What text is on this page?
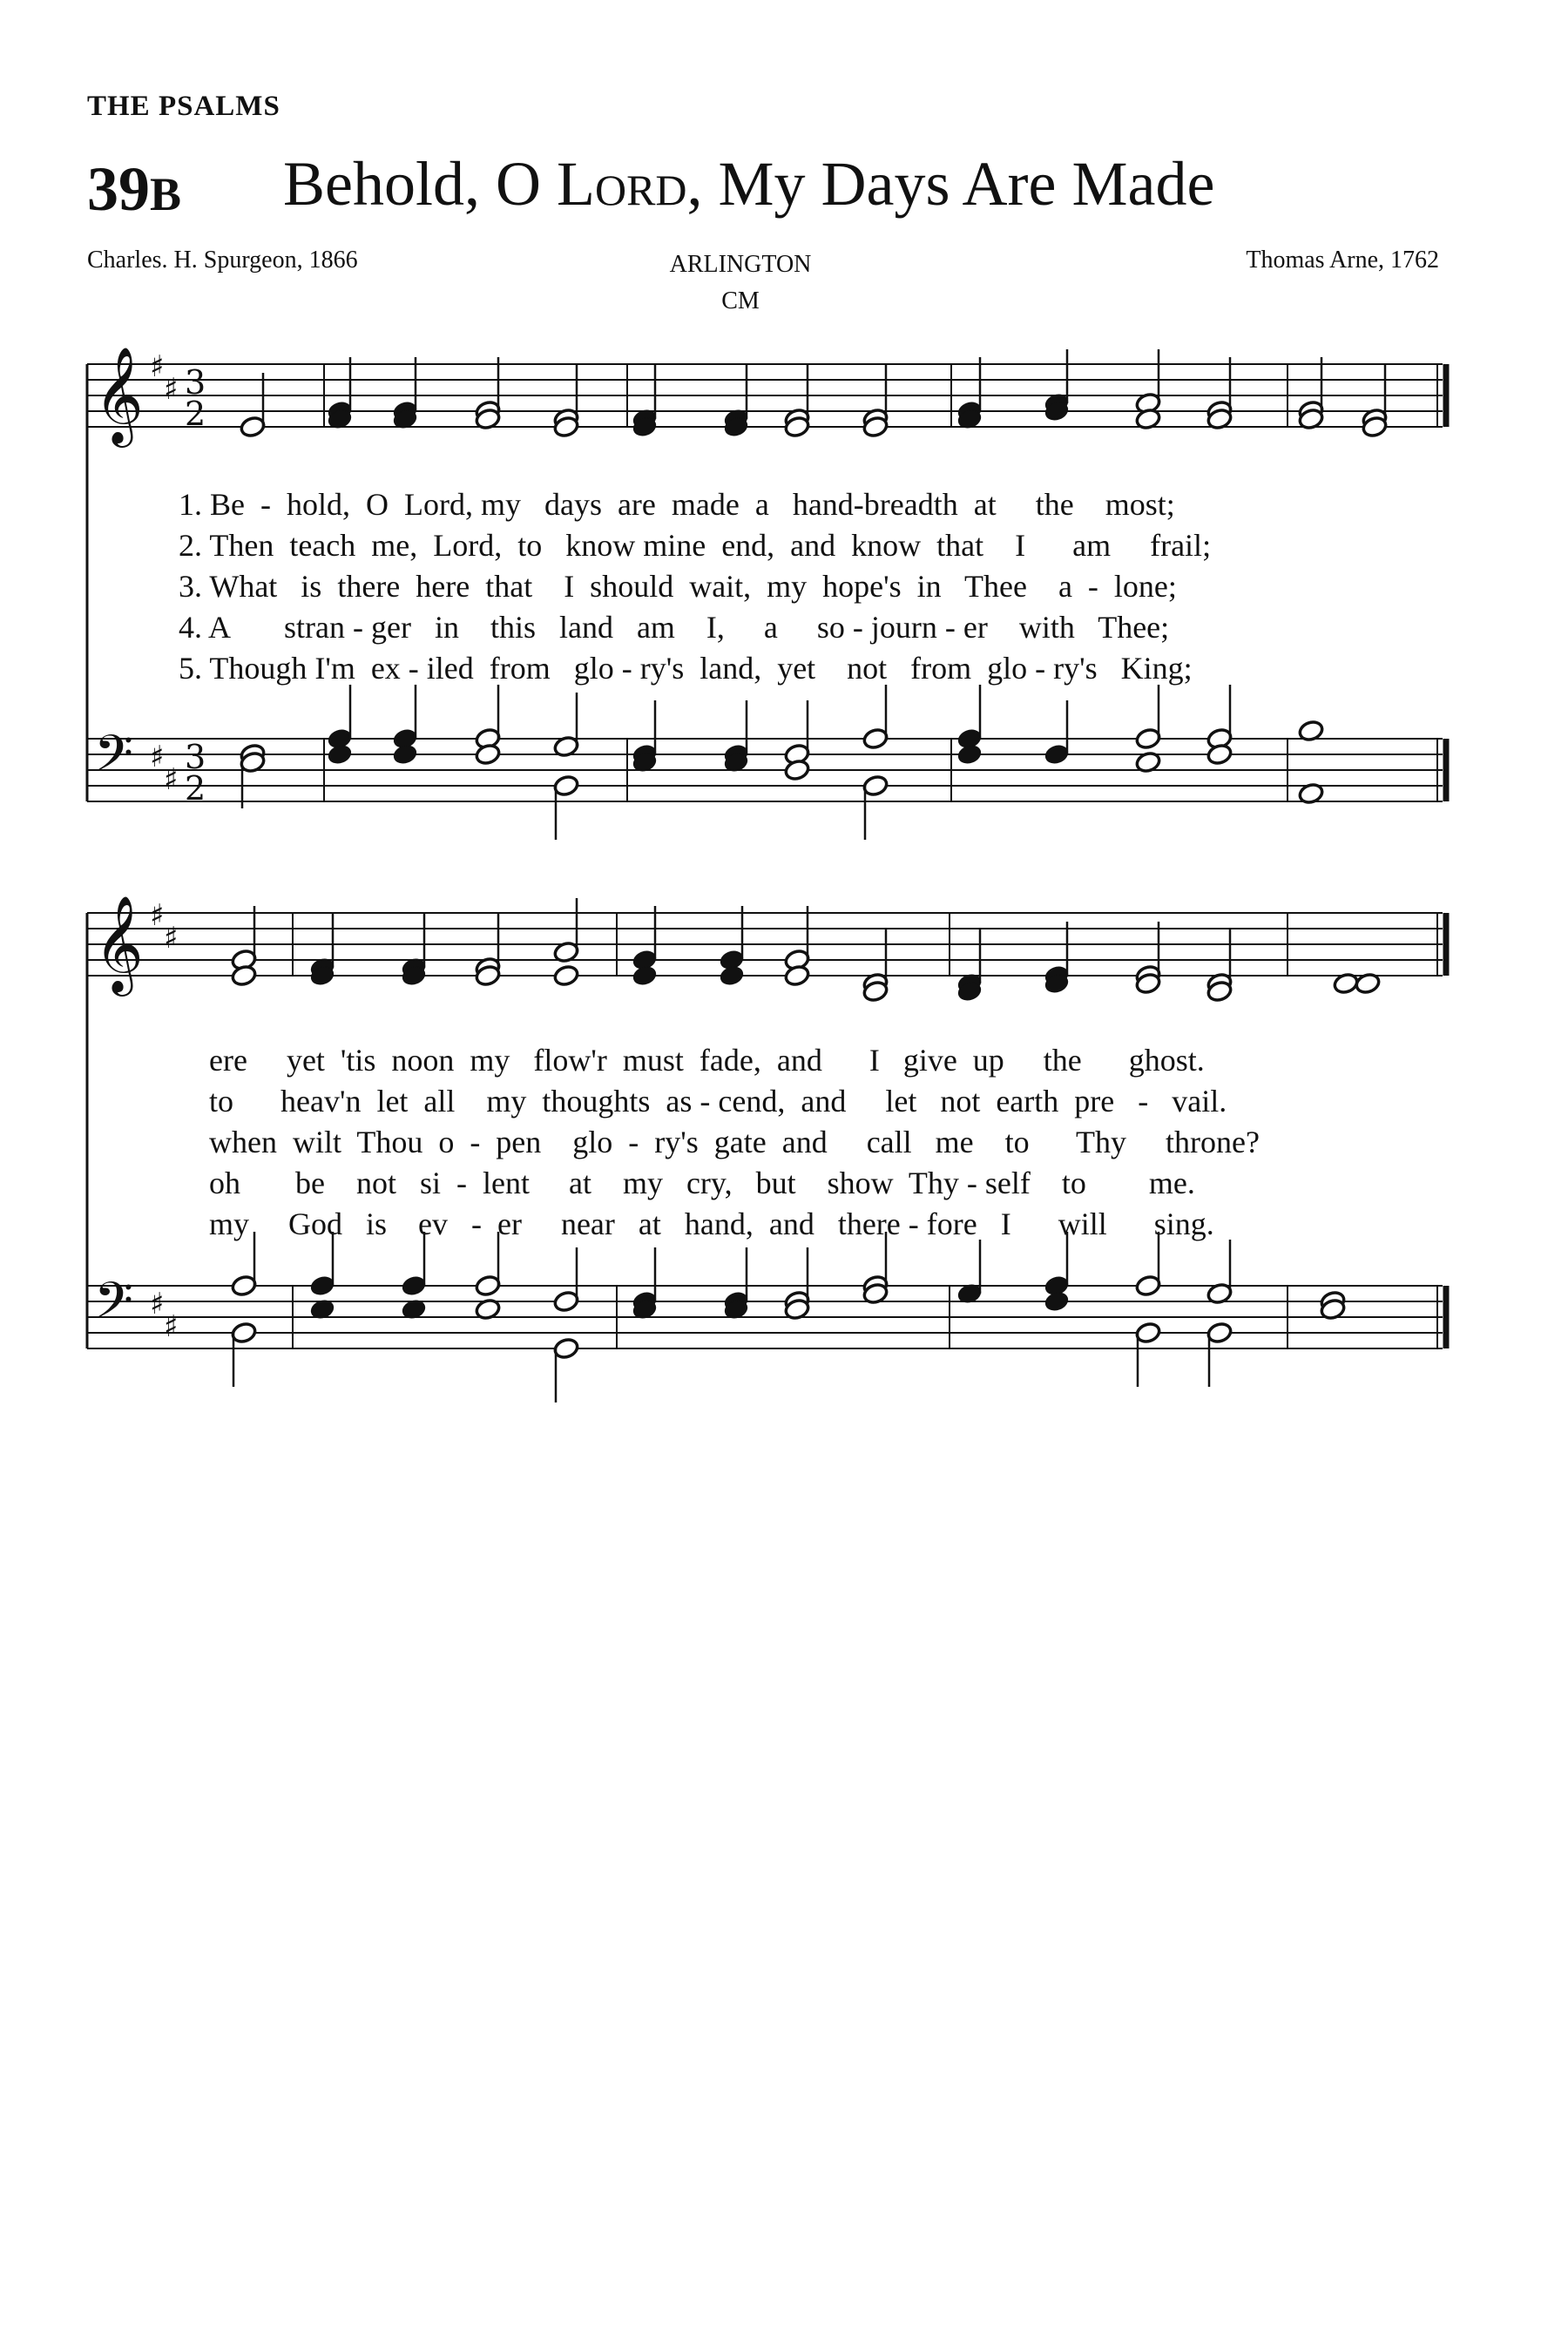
THE PSALMS
39B Behold, O Lord, My Days Are Made
Charles. H. Spurgeon, 1866	ARLINGTON
CM
Thomas Arne, 1762
𝄞 ♯
♯ 3
2
𝄢 ♯
♯
3
2
1. Be  -  hold,  O  Lord, my   days  are  made  a   hand-breadth  at     the    most;
2. Then  teach  me,  Lord,  to   know mine  end,  and  know  that    I      am     frail;
3. What   is  there  here  that    I  should  wait,  my  hope's  in   Thee    a  -  lone;
4. A       stran - ger   in    this   land   am    I,     a     so - journ - er    with   Thee;
5. Though I'm  ex - iled  from   glo - ry's  land,  yet    not   from  glo - ry's   King;
𝄞 ♯
♯
𝄢 ♯
♯
ere     yet  'tis  noon  my   flow'r  must  fade,  and      I   give  up     the      ghost.
to      heav'n  let  all    my  thoughts  as - cend,  and     let   not  earth  pre   -   vail.
when  wilt  Thou  o  -  pen    glo  -  ry's  gate  and     call   me    to      Thy     throne?
oh       be    not   si  -  lent     at    my   cry,   but    show  Thy - self    to        me.
my     God   is    ev   -  er     near   at   hand,  and   there - fore   I      will      sing.
